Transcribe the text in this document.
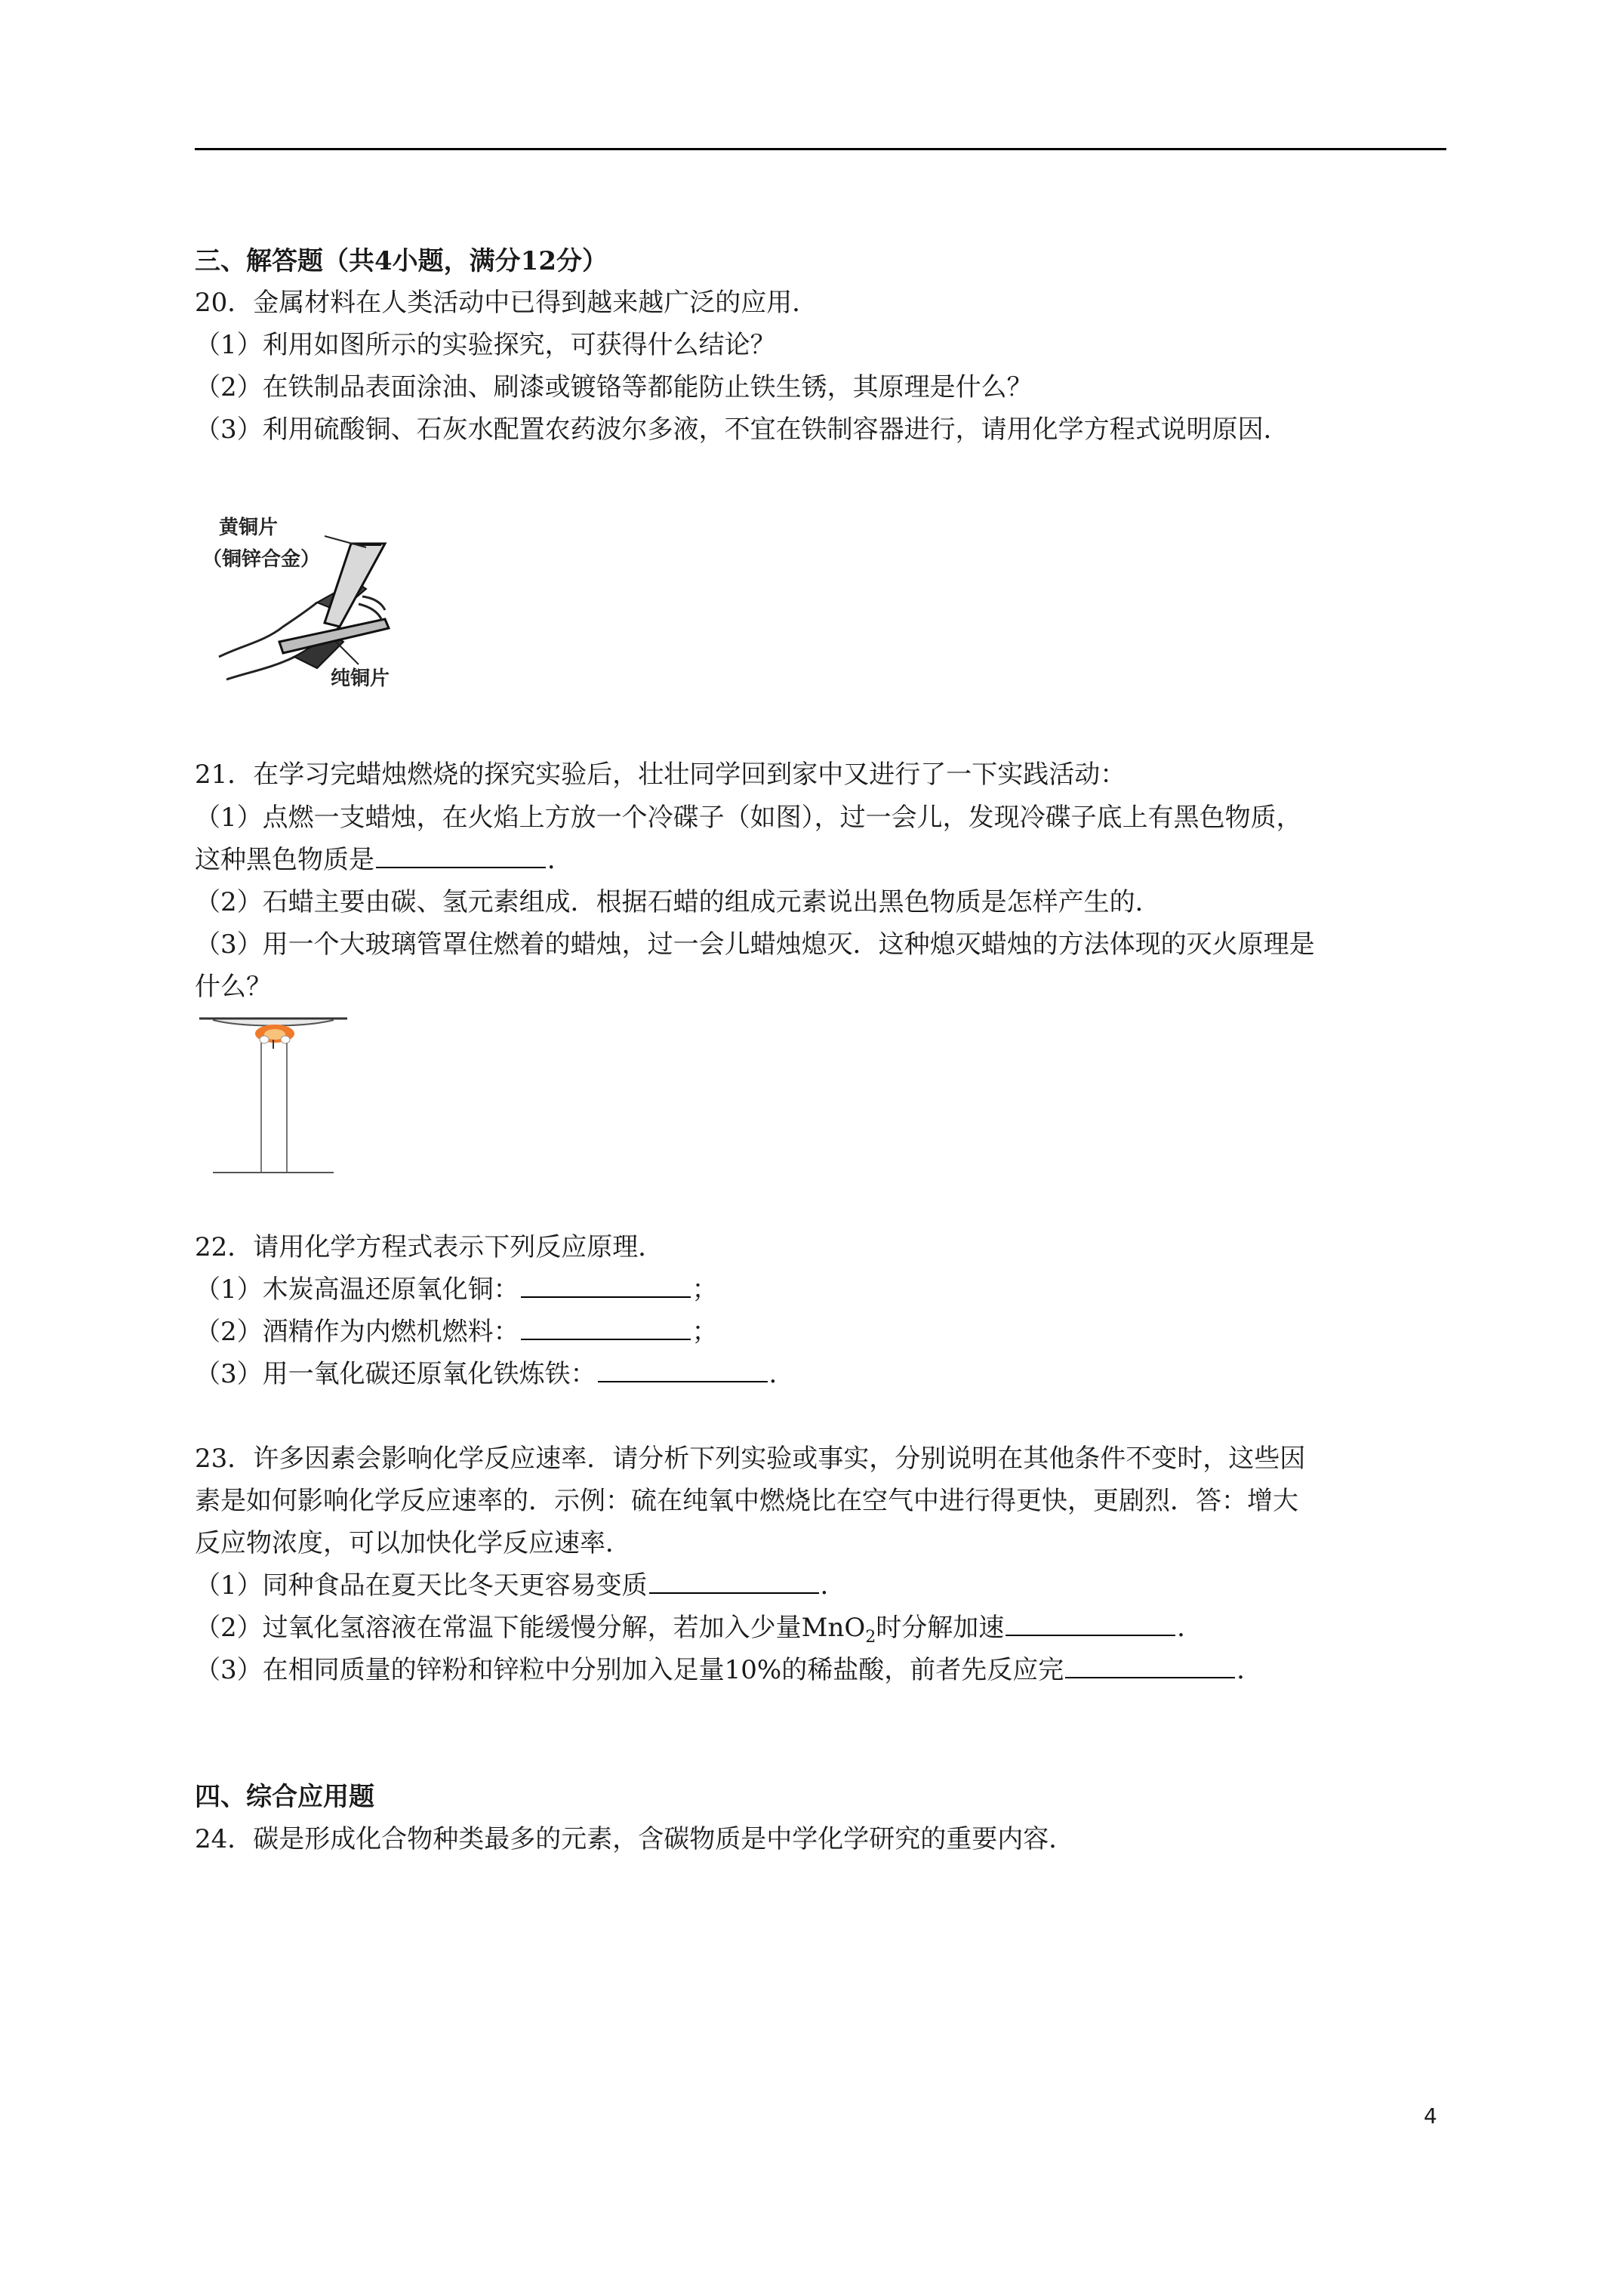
三、解答题（共4小题，满分12分）
20．金属材料在人类活动中已得到越来越广泛的应用．
（1）利用如图所示的实验探究，可获得什么结论？
（2）在铁制品表面涂油、刷漆或镀铬等都能防止铁生锈，其原理是什么？
（3）利用硫酸铜、石灰水配置农药波尔多液，不宜在铁制容器进行，请用化学方程式说明原因．
黄铜片
（铜锌合金）
纯铜片
21．在学习完蜡烛燃烧的探究实验后，壮壮同学回到家中又进行了一下实践活动：
（1）点燃一支蜡烛，在火焰上方放一个冷碟子（如图），过一会儿，发现冷碟子底上有黑色物质，
这种黑色物质是	．
（2）石蜡主要由碳、氢元素组成．根据石蜡的组成元素说出黑色物质是怎样产生的．
（3）用一个大玻璃管罩住燃着的蜡烛，过一会儿蜡烛熄灭．这种熄灭蜡烛的方法体现的灭火原理是
什么？
22．请用化学方程式表示下列反应原理．
（1）木炭高温还原氧化铜：	；
（2）酒精作为内燃机燃料：	；
（3）用一氧化碳还原氧化铁炼铁：	．
23．许多因素会影响化学反应速率．请分析下列实验或事实，分别说明在其他条件不变时，这些因
素是如何影响化学反应速率的．示例：硫在纯氧中燃烧比在空气中进行得更快，更剧烈．答：增大
反应物浓度，可以加快化学反应速率．
（1）同种食品在夏天比冬天更容易变质	．
（2）过氧化氢溶液在常温下能缓慢分解，若加入少量MnO$_2$时分解加速	．
（3）在相同质量的锌粉和锌粒中分别加入足量10%的稀盐酸，前者先反应完	．
四、综合应用题
24．碳是形成化合物种类最多的元素，含碳物质是中学化学研究的重要内容．
4
